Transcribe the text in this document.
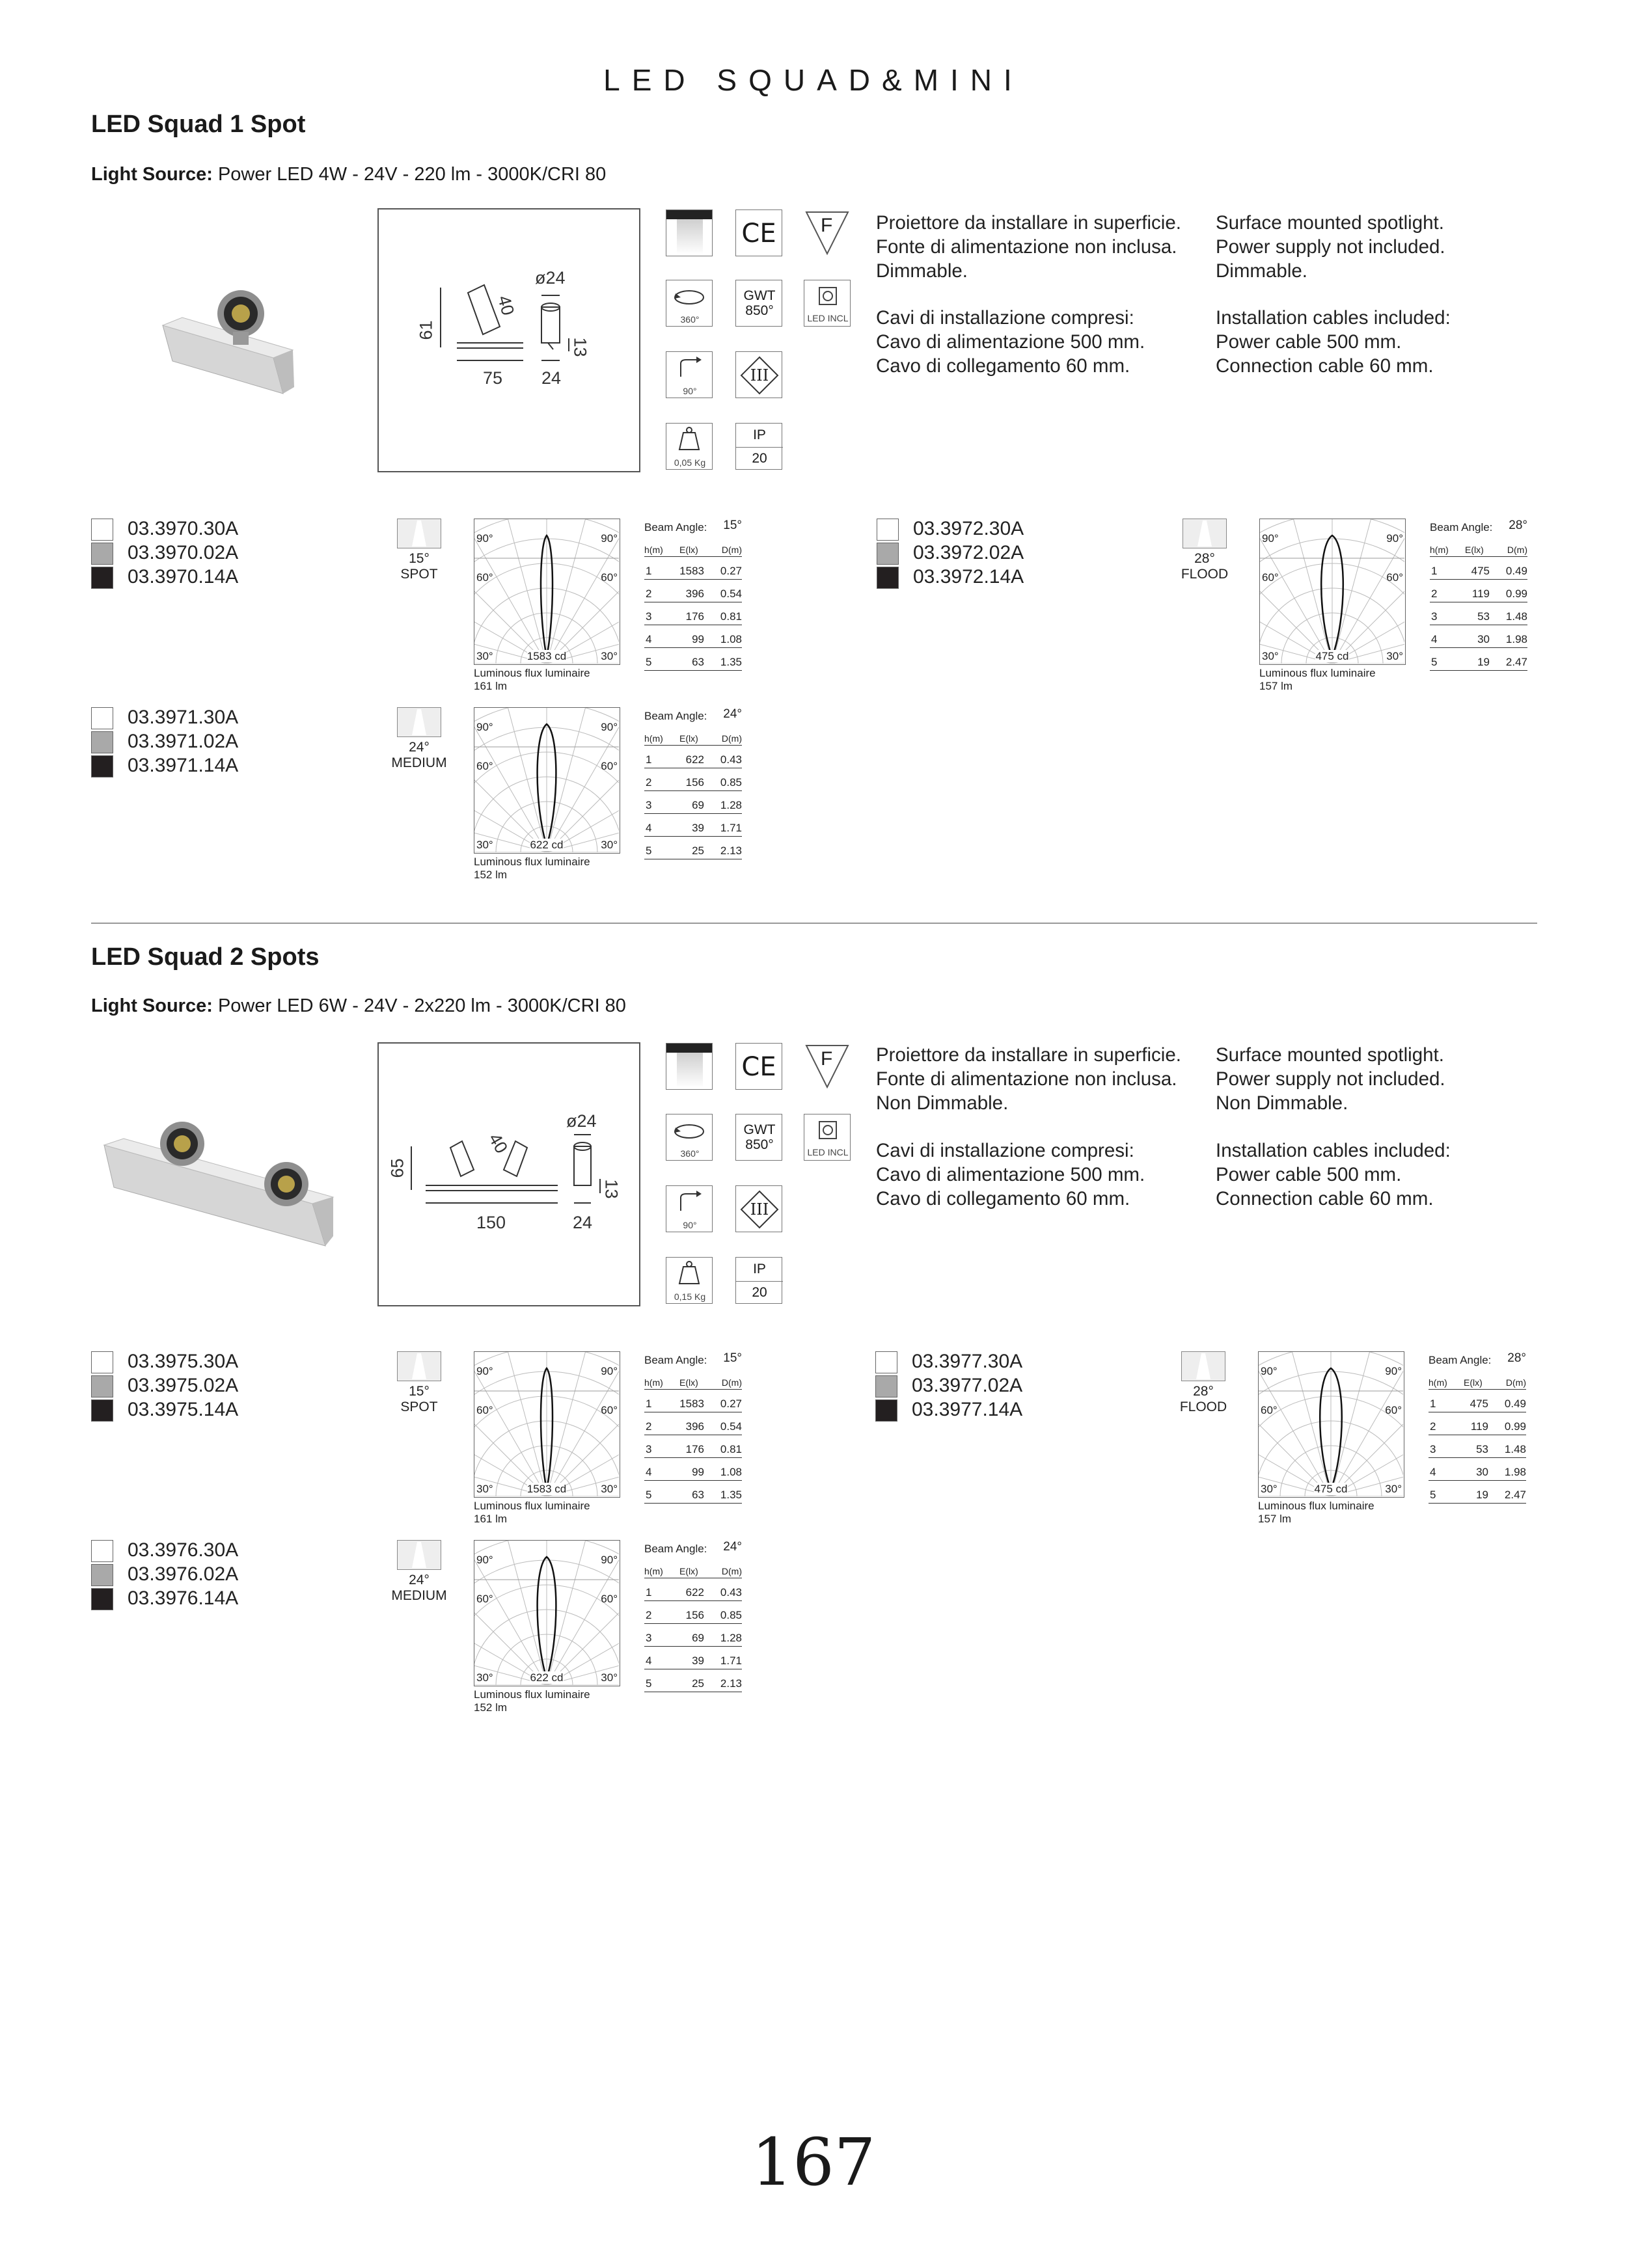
LED SQUAD&MINI
LED Squad 1 Spot
Light Source: Power LED 4W - 24V - 220 lm - 3000K/CRI 80
61
40
ø24
75 24
13
CE	F
360°
GWT
850°	LED INCL
90°
III
0,05 Kg
IP
20
Proiettore da installare in superficie.
Fonte di alimentazione non inclusa.
Dimmable.
Surface mounted spotlight.
Power supply not included.
Dimmable.
Cavi di installazione compresi:
Cavo di alimentazione 500 mm.
Cavo di collegamento 60 mm.
Installation cables included:
Power cable 500 mm.
Connection cable 60 mm.
03.3970.30A
03.3970.02A
03.3970.14A
15°
SPOT
90°	90°
60°	60°
30°	30°
1583 cd
Luminous flux luminaire
161 lm
Beam Angle: 15°
h(m) E(lx)	D(m)
1	1583 0.27
2	396 0.54
3	176 0.81
4	99 1.08
5	63 1.35
03.3971.30A
03.3971.02A
03.3971.14A
24°
MEDIUM
90°	90°
60°	60°
30°	30°
622 cd
Luminous flux luminaire
152 lm
Beam Angle: 24°
h(m) E(lx)	D(m)
1	622 0.43
2	156 0.85
3	69 1.28
4	39 1.71
5	25 2.13
03.3972.30A
03.3972.02A
03.3972.14A
28°
FLOOD
90°	90°
60°	60°
30°	30°
475 cd
Luminous flux luminaire
157 lm
Beam Angle: 28°
h(m) E(lx)	D(m)
1	475 0.49
2	119 0.99
3	53 1.48
4	30 1.98
5	19 2.47
LED Squad 2 Spots
Light Source: Power LED 6W - 24V - 2x220 lm - 3000K/CRI 80
65
40
ø24
150	24
13
CE	F
360°
GWT
850°	LED INCL
90°
III
0,15 Kg
IP
20
Proiettore da installare in superficie.
Fonte di alimentazione non inclusa.
Non Dimmable.
Surface mounted spotlight.
Power supply not included.
Non Dimmable.
Cavi di installazione compresi:
Cavo di alimentazione 500 mm.
Cavo di collegamento 60 mm.
Installation cables included:
Power cable 500 mm.
Connection cable 60 mm.
03.3975.30A
03.3975.02A
03.3975.14A
15°
SPOT
90°	90°
60°	60°
30°	30°
1583 cd
Luminous flux luminaire
161 lm
Beam Angle: 15°
h(m) E(lx)	D(m)
1	1583 0.27
2	396 0.54
3	176 0.81
4	99 1.08
5	63 1.35
03.3976.30A
03.3976.02A
03.3976.14A
24°
MEDIUM
90°	90°
60°	60°
30°	30°
622 cd
Luminous flux luminaire
152 lm
Beam Angle: 24°
h(m) E(lx)	D(m)
1	622 0.43
2	156 0.85
3	69 1.28
4	39 1.71
5	25 2.13
03.3977.30A
03.3977.02A
03.3977.14A
28°
FLOOD
90°	90°
60°	60°
30°	30°
475 cd
Luminous flux luminaire
157 lm
Beam Angle: 28°
h(m) E(lx)	D(m)
1	475 0.49
2	119 0.99
3	53 1.48
4	30 1.98
5	19 2.47
167
